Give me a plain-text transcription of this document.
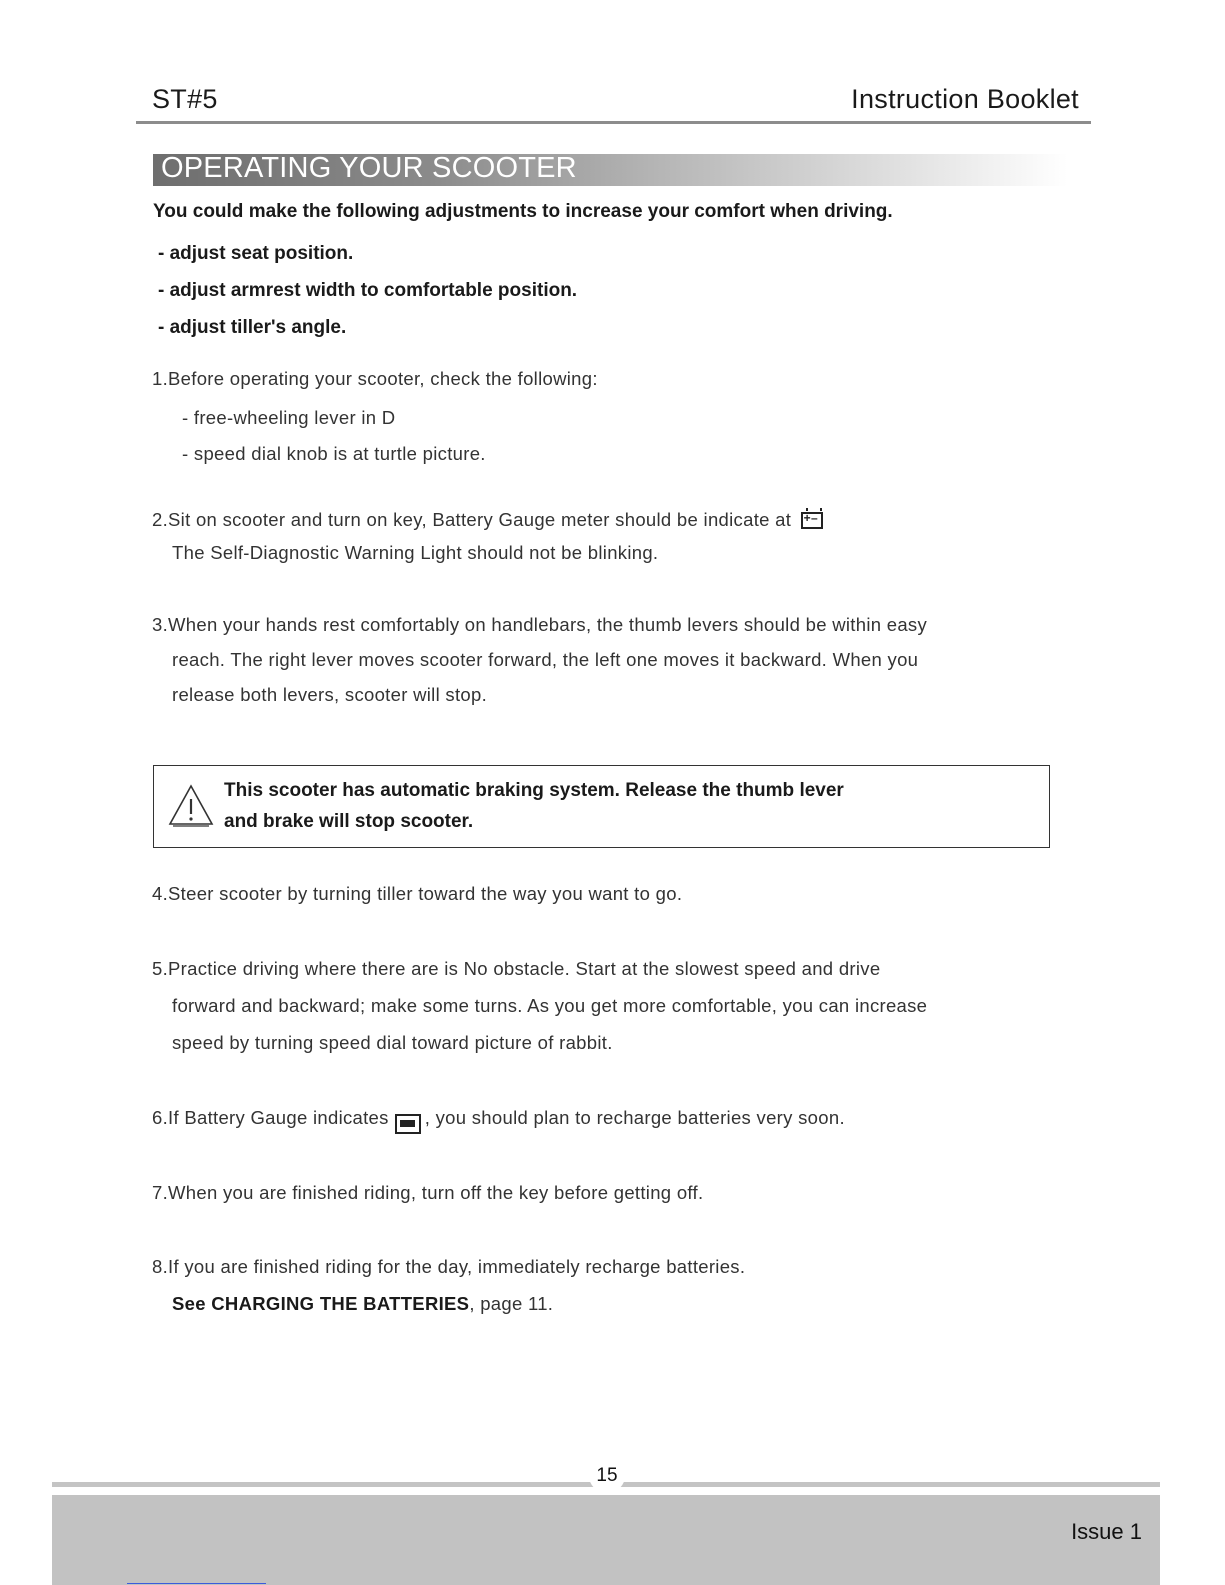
ST#5	Instruction Booklet
OPERATING YOUR SCOOTER
You could make the following adjustments to increase your comfort when driving.
- adjust seat position.
- adjust armrest width to comfortable position.
- adjust tiller's angle.
1.Before operating your scooter, check the following:
- free-wheeling lever in D
- speed dial knob is at turtle picture.
2.Sit on scooter and turn on key, Battery Gauge meter should be indicate at +–
The Self-Diagnostic Warning Light should not be blinking.
3.When your hands rest comfortably on handlebars, the thumb levers should be within easy
reach. The right lever moves scooter forward, the left one moves it backward. When you
release both levers, scooter will stop.
This scooter has automatic braking system. Release the thumb lever
and brake will stop scooter.
4.Steer scooter by turning tiller toward the way you want to go.
5.Practice driving where there are is No obstacle. Start at the slowest speed and drive
forward and backward; make some turns. As you get more comfortable, you can increase
speed by turning speed dial toward picture of rabbit.
6.If Battery Gauge indicates , you should plan to recharge batteries very soon.
7.When you are finished riding, turn off the key before getting off.
8.If you are finished riding for the day, immediately recharge batteries.
See CHARGING THE BATTERIES, page 11.
15
Issue 1
